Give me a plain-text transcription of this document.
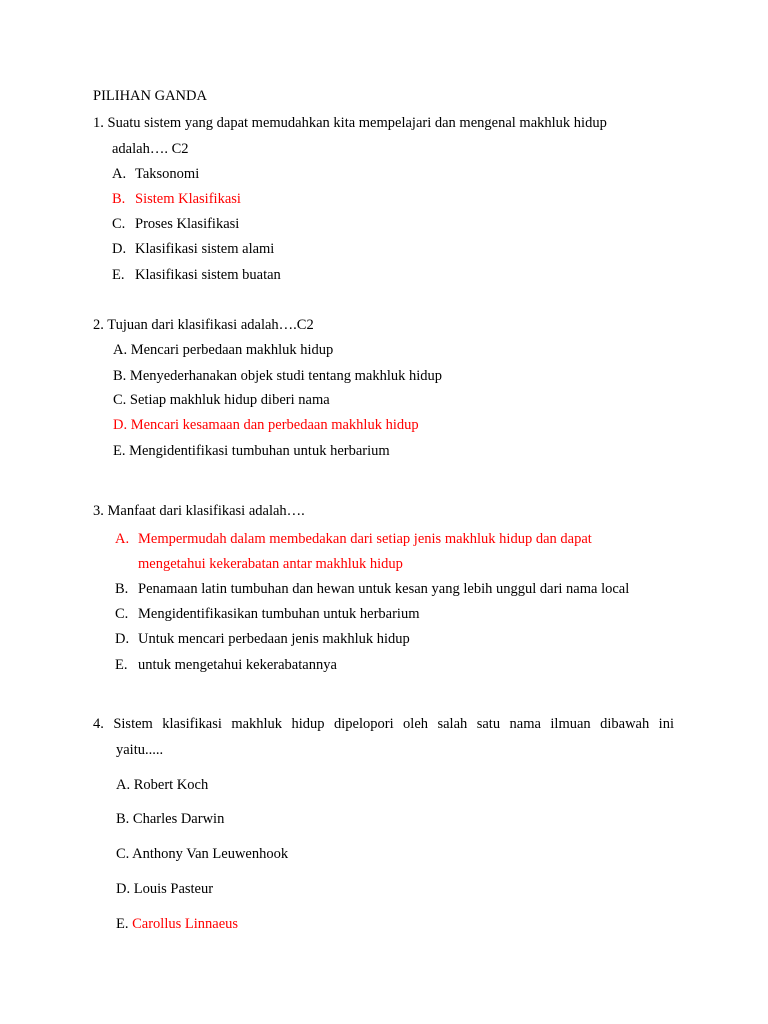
PILIHAN GANDA
1. Suatu sistem yang dapat memudahkan kita mempelajari dan mengenal makhluk hidup
adalah…. C2
A. Taksonomi
B. Sistem Klasifikasi
C. Proses Klasifikasi
D. Klasifikasi sistem alami
E. Klasifikasi sistem buatan
2. Tujuan dari klasifikasi adalah….C2
A. Mencari perbedaan makhluk hidup
B. Menyederhanakan objek studi tentang makhluk hidup
C. Setiap makhluk hidup diberi nama
D. Mencari kesamaan dan perbedaan makhluk hidup
E. Mengidentifikasi tumbuhan untuk herbarium
3. Manfaat dari klasifikasi adalah….
A. Mempermudah dalam membedakan dari setiap jenis makhluk hidup dan dapat
mengetahui kekerabatan antar makhluk hidup
B. Penamaan latin tumbuhan dan hewan untuk kesan yang lebih unggul dari nama local
C. Mengidentifikasikan tumbuhan untuk herbarium
D. Untuk mencari perbedaan jenis makhluk hidup
E. untuk mengetahui kekerabatannya
4. Sistem klasifikasi makhluk hidup dipelopori oleh salah satu nama ilmuan dibawah ini
yaitu.....
A. Robert Koch
B. Charles Darwin
C. Anthony Van Leuwenhook
D. Louis Pasteur
E. Carollus Linnaeus
